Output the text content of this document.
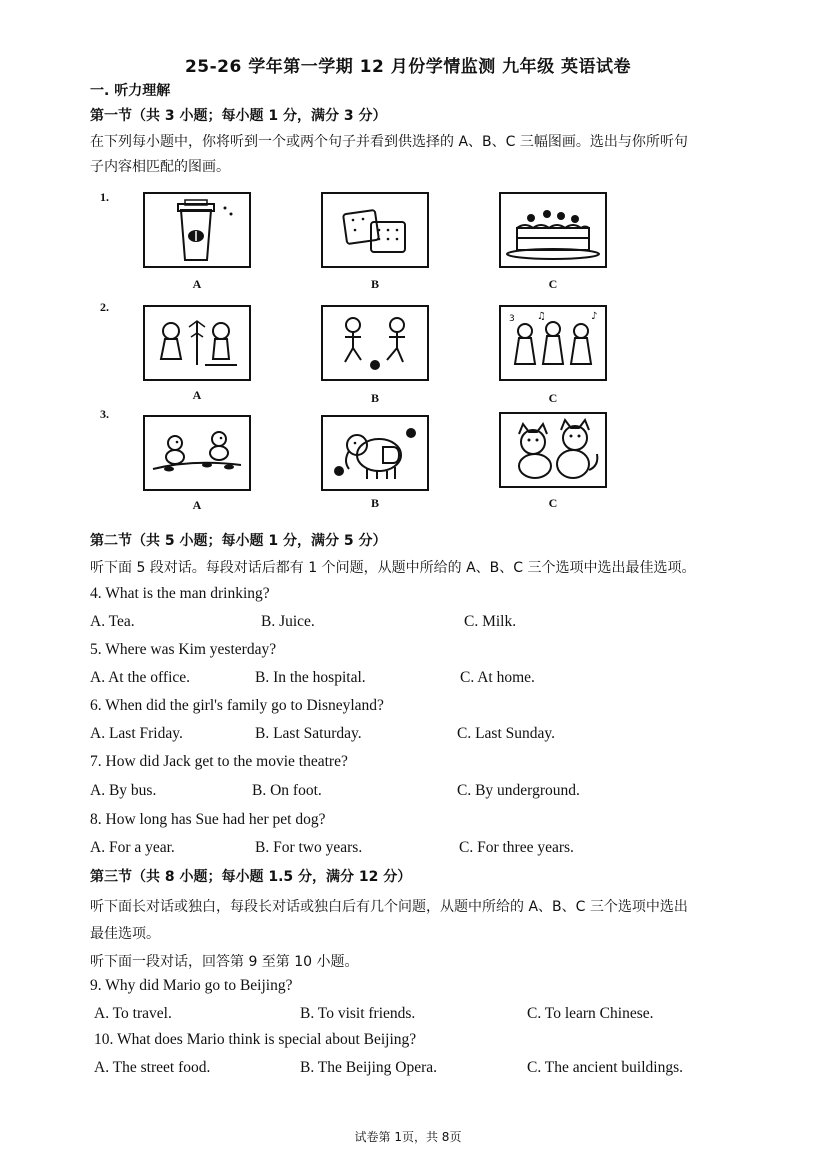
25-26 学年第一学期 12 月份学情监测 九年级 英语试卷
一. 听力理解
第一节（共 3 小题；每小题 1 分，满分 3 分）
在下列每小题中，你将听到一个或两个句子并看到供选择的 A、B、C 三幅图画。选出与你所听句
子内容相匹配的图画。
1.
A	B	C
2.
3	♪
♫
A	B	C
3.
A	B	C
第二节（共 5 小题；每小题 1 分，满分 5 分）
听下面 5 段对话。每段对话后都有 1 个问题，从题中所给的 A、B、C 三个选项中选出最佳选项。
4. What is the man drinking?
A. Tea.	B. Juice.	C. Milk.
5. Where was Kim yesterday?
A. At the office.	B. In the hospital.	C. At home.
6. When did the girl's family go to Disneyland?
A. Last Friday.	B. Last Saturday.	C. Last Sunday.
7. How did Jack get to the movie theatre?
A. By bus.	B. On foot.	C. By underground.
8. How long has Sue had her pet dog?
A. For a year.	B. For two years.	C. For three years.
第三节（共 8 小题；每小题 1.5 分，满分 12 分）
听下面长对话或独白，每段长对话或独白后有几个问题，从题中所给的 A、B、C 三个选项中选出
最佳选项。
听下面一段对话，回答第 9 至第 10 小题。
9. Why did Mario go to Beijing?
A. To travel.	B. To visit friends.	C. To learn Chinese.
10. What does Mario think is special about Beijing?
A. The street food.	B. The Beijing Opera.	C. The ancient buildings.
试卷第 1页，共 8页
